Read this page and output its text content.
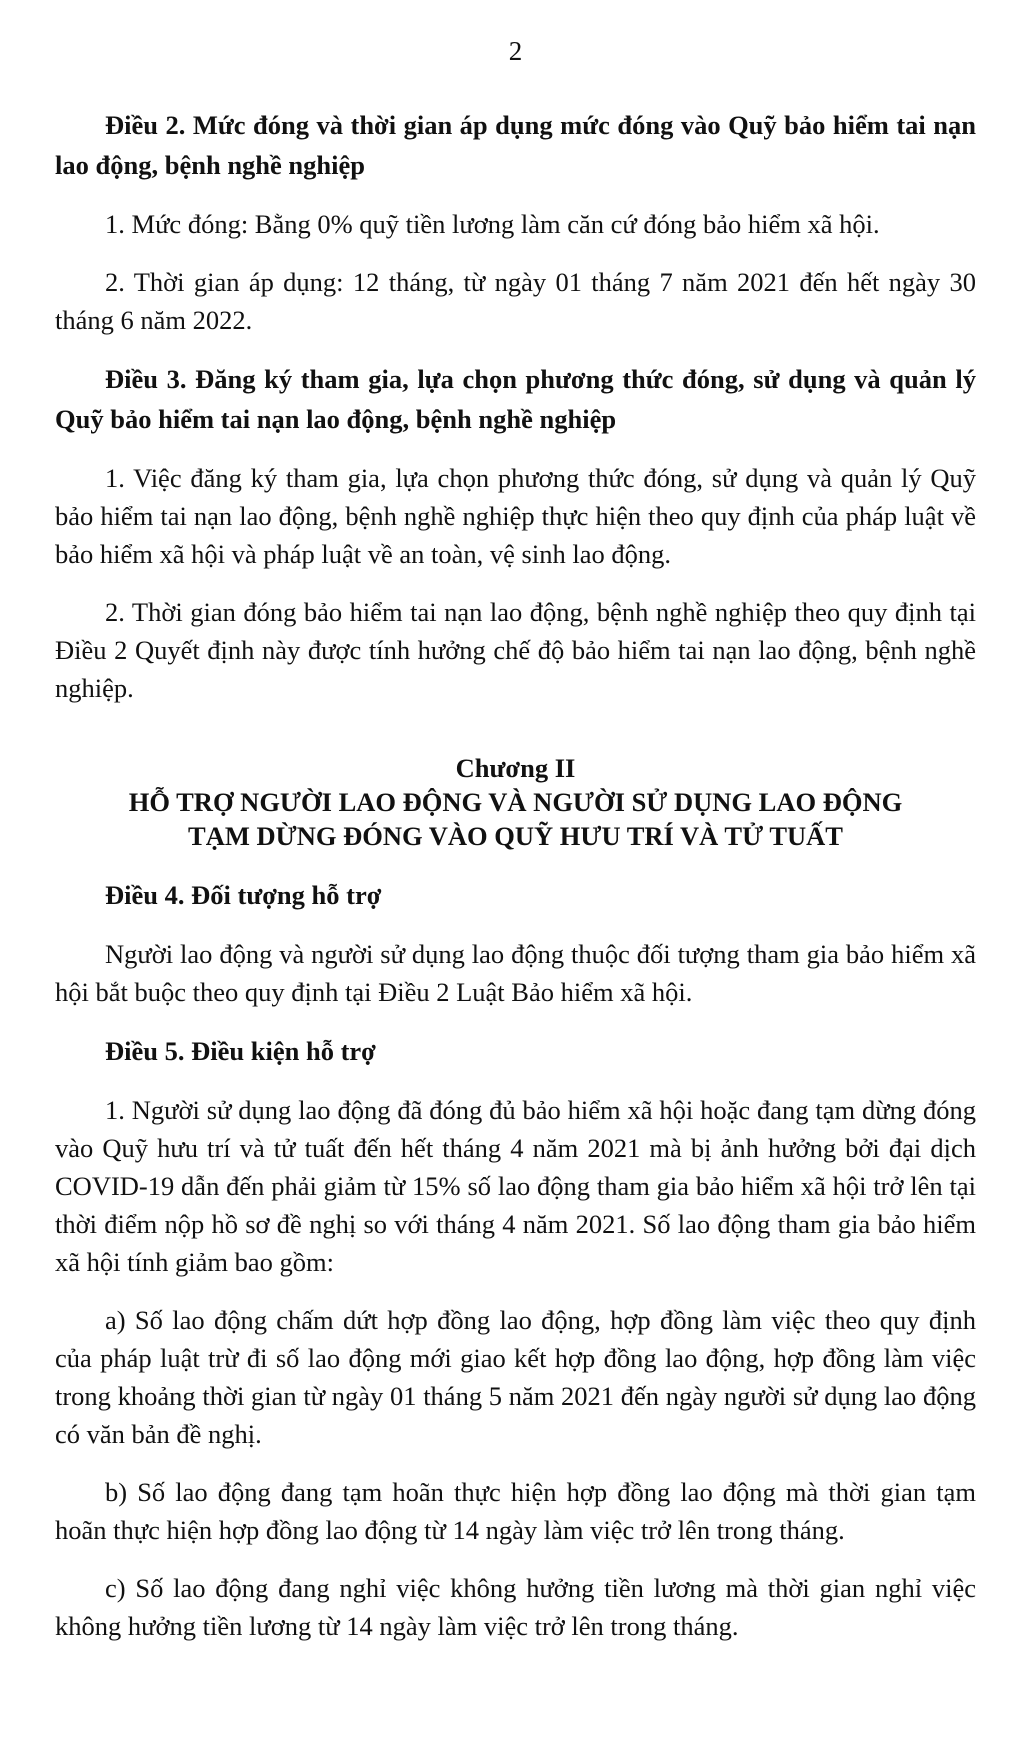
2
Điều 2. Mức đóng và thời gian áp dụng mức đóng vào Quỹ bảo hiểm tai nạn lao động, bệnh nghề nghiệp

1. Mức đóng: Bằng 0% quỹ tiền lương làm căn cứ đóng bảo hiểm xã hội.

2. Thời gian áp dụng: 12 tháng, từ ngày 01 tháng 7 năm 2021 đến hết ngày 30 tháng 6 năm 2022.

Điều 3. Đăng ký tham gia, lựa chọn phương thức đóng, sử dụng và quản lý Quỹ bảo hiểm tai nạn lao động, bệnh nghề nghiệp

1. Việc đăng ký tham gia, lựa chọn phương thức đóng, sử dụng và quản lý Quỹ bảo hiểm tai nạn lao động, bệnh nghề nghiệp thực hiện theo quy định của pháp luật về bảo hiểm xã hội và pháp luật về an toàn, vệ sinh lao động.

2. Thời gian đóng bảo hiểm tai nạn lao động, bệnh nghề nghiệp theo quy định tại Điều 2 Quyết định này được tính hưởng chế độ bảo hiểm tai nạn lao động, bệnh nghề nghiệp.

Chương II
HỖ TRỢ NGƯỜI LAO ĐỘNG VÀ NGƯỜI SỬ DỤNG LAO ĐỘNG
TẠM DỪNG ĐÓNG VÀO QUỸ HƯU TRÍ VÀ TỬ TUẤT
Điều 4. Đối tượng hỗ trợ

Người lao động và người sử dụng lao động thuộc đối tượng tham gia bảo hiểm xã hội bắt buộc theo quy định tại Điều 2 Luật Bảo hiểm xã hội.

Điều 5. Điều kiện hỗ trợ

1. Người sử dụng lao động đã đóng đủ bảo hiểm xã hội hoặc đang tạm dừng đóng vào Quỹ hưu trí và tử tuất đến hết tháng 4 năm 2021 mà bị ảnh hưởng bởi đại dịch COVID-19 dẫn đến phải giảm từ 15% số lao động tham gia bảo hiểm xã hội trở lên tại thời điểm nộp hồ sơ đề nghị so với tháng 4 năm 2021. Số lao động tham gia bảo hiểm xã hội tính giảm bao gồm:

a) Số lao động chấm dứt hợp đồng lao động, hợp đồng làm việc theo quy định của pháp luật trừ đi số lao động mới giao kết hợp đồng lao động, hợp đồng làm việc trong khoảng thời gian từ ngày 01 tháng 5 năm 2021 đến ngày người sử dụng lao động có văn bản đề nghị.

b) Số lao động đang tạm hoãn thực hiện hợp đồng lao động mà thời gian tạm hoãn thực hiện hợp đồng lao động từ 14 ngày làm việc trở lên trong tháng.

c) Số lao động đang nghỉ việc không hưởng tiền lương mà thời gian nghỉ việc không hưởng tiền lương từ 14 ngày làm việc trở lên trong tháng.
